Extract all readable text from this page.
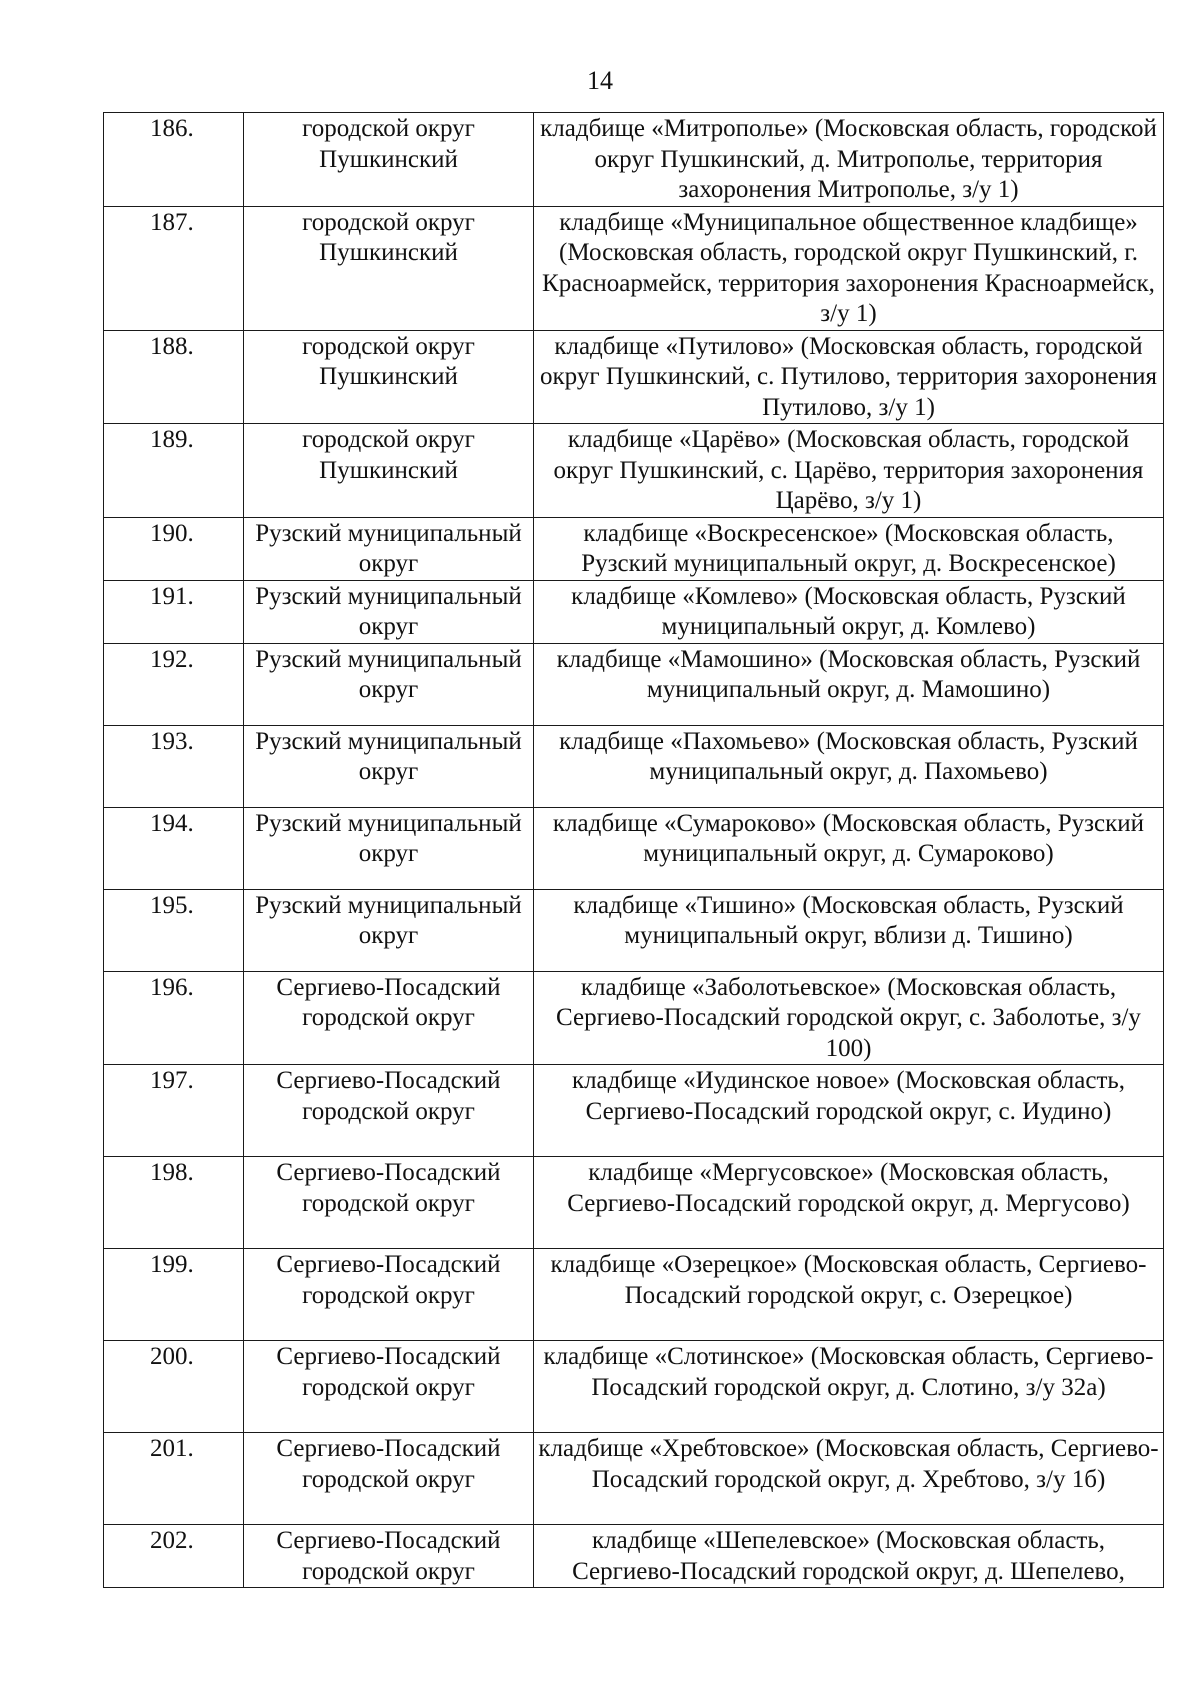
14
186.	городской округ Пушкинский	кладбище «Митрополье» (Московская область, городской округ Пушкинский, д. Митрополье, территория захоронения Митрополье, з/у 1)
187.	городской округ Пушкинский	кладбище «Муниципальное общественное кладбище» (Московская область, городской округ Пушкинский, г. Красноармейск, территория захоронения Красноармейск, з/у 1)
188.	городской округ Пушкинский	кладбище «Путилово» (Московская область, городской округ Пушкинский, с. Путилово, территория захоронения Путилово, з/у 1)
189.	городской округ Пушкинский	кладбище «Царёво» (Московская область, городской округ Пушкинский, с. Царёво, территория захоронения Царёво, з/у 1)
190.	Рузский муниципальный округ	кладбище «Воскресенское» (Московская область, Рузский муниципальный округ, д. Воскресенское)
191.	Рузский муниципальный округ	кладбище «Комлево» (Московская область, Рузский муниципальный округ, д. Комлево)
192.	Рузский муниципальный округ	кладбище «Мамошино» (Московская область, Рузский муниципальный округ, д. Мамошино)
193.	Рузский муниципальный округ	кладбище «Пахомьево» (Московская область, Рузский муниципальный округ, д. Пахомьево)
194.	Рузский муниципальный округ	кладбище «Сумароково» (Московская область, Рузский муниципальный округ, д. Сумароково)
195.	Рузский муниципальный округ	кладбище «Тишино» (Московская область, Рузский муниципальный округ, вблизи д. Тишино)
196.	Сергиево-Посадский городской округ	кладбище «Заболотьевское» (Московская область, Сергиево-Посадский городской округ, с. Заболотье, з/у 100)
197.	Сергиево-Посадский городской округ	кладбище «Иудинское новое» (Московская область, Сергиево-Посадский городской округ, с. Иудино)
198.	Сергиево-Посадский городской округ	кладбище «Мергусовское» (Московская область, Сергиево-Посадский городской округ, д. Мергусово)
199.	Сергиево-Посадский городской округ	кладбище «Озерецкое» (Московская область, Сергиево-Посадский городской округ, с. Озерецкое)
200.	Сергиево-Посадский городской округ	кладбище «Слотинское» (Московская область, Сергиево-Посадский городской округ, д. Слотино, з/у 32а)
201.	Сергиево-Посадский городской округ	кладбище «Хребтовское» (Московская область, Сергиево-Посадский городской округ, д. Хребтово, з/у 1б)
202.	Сергиево-Посадский городской округ	кладбище «Шепелевское» (Московская область, Сергиево-Посадский городской округ, д. Шепелево,
